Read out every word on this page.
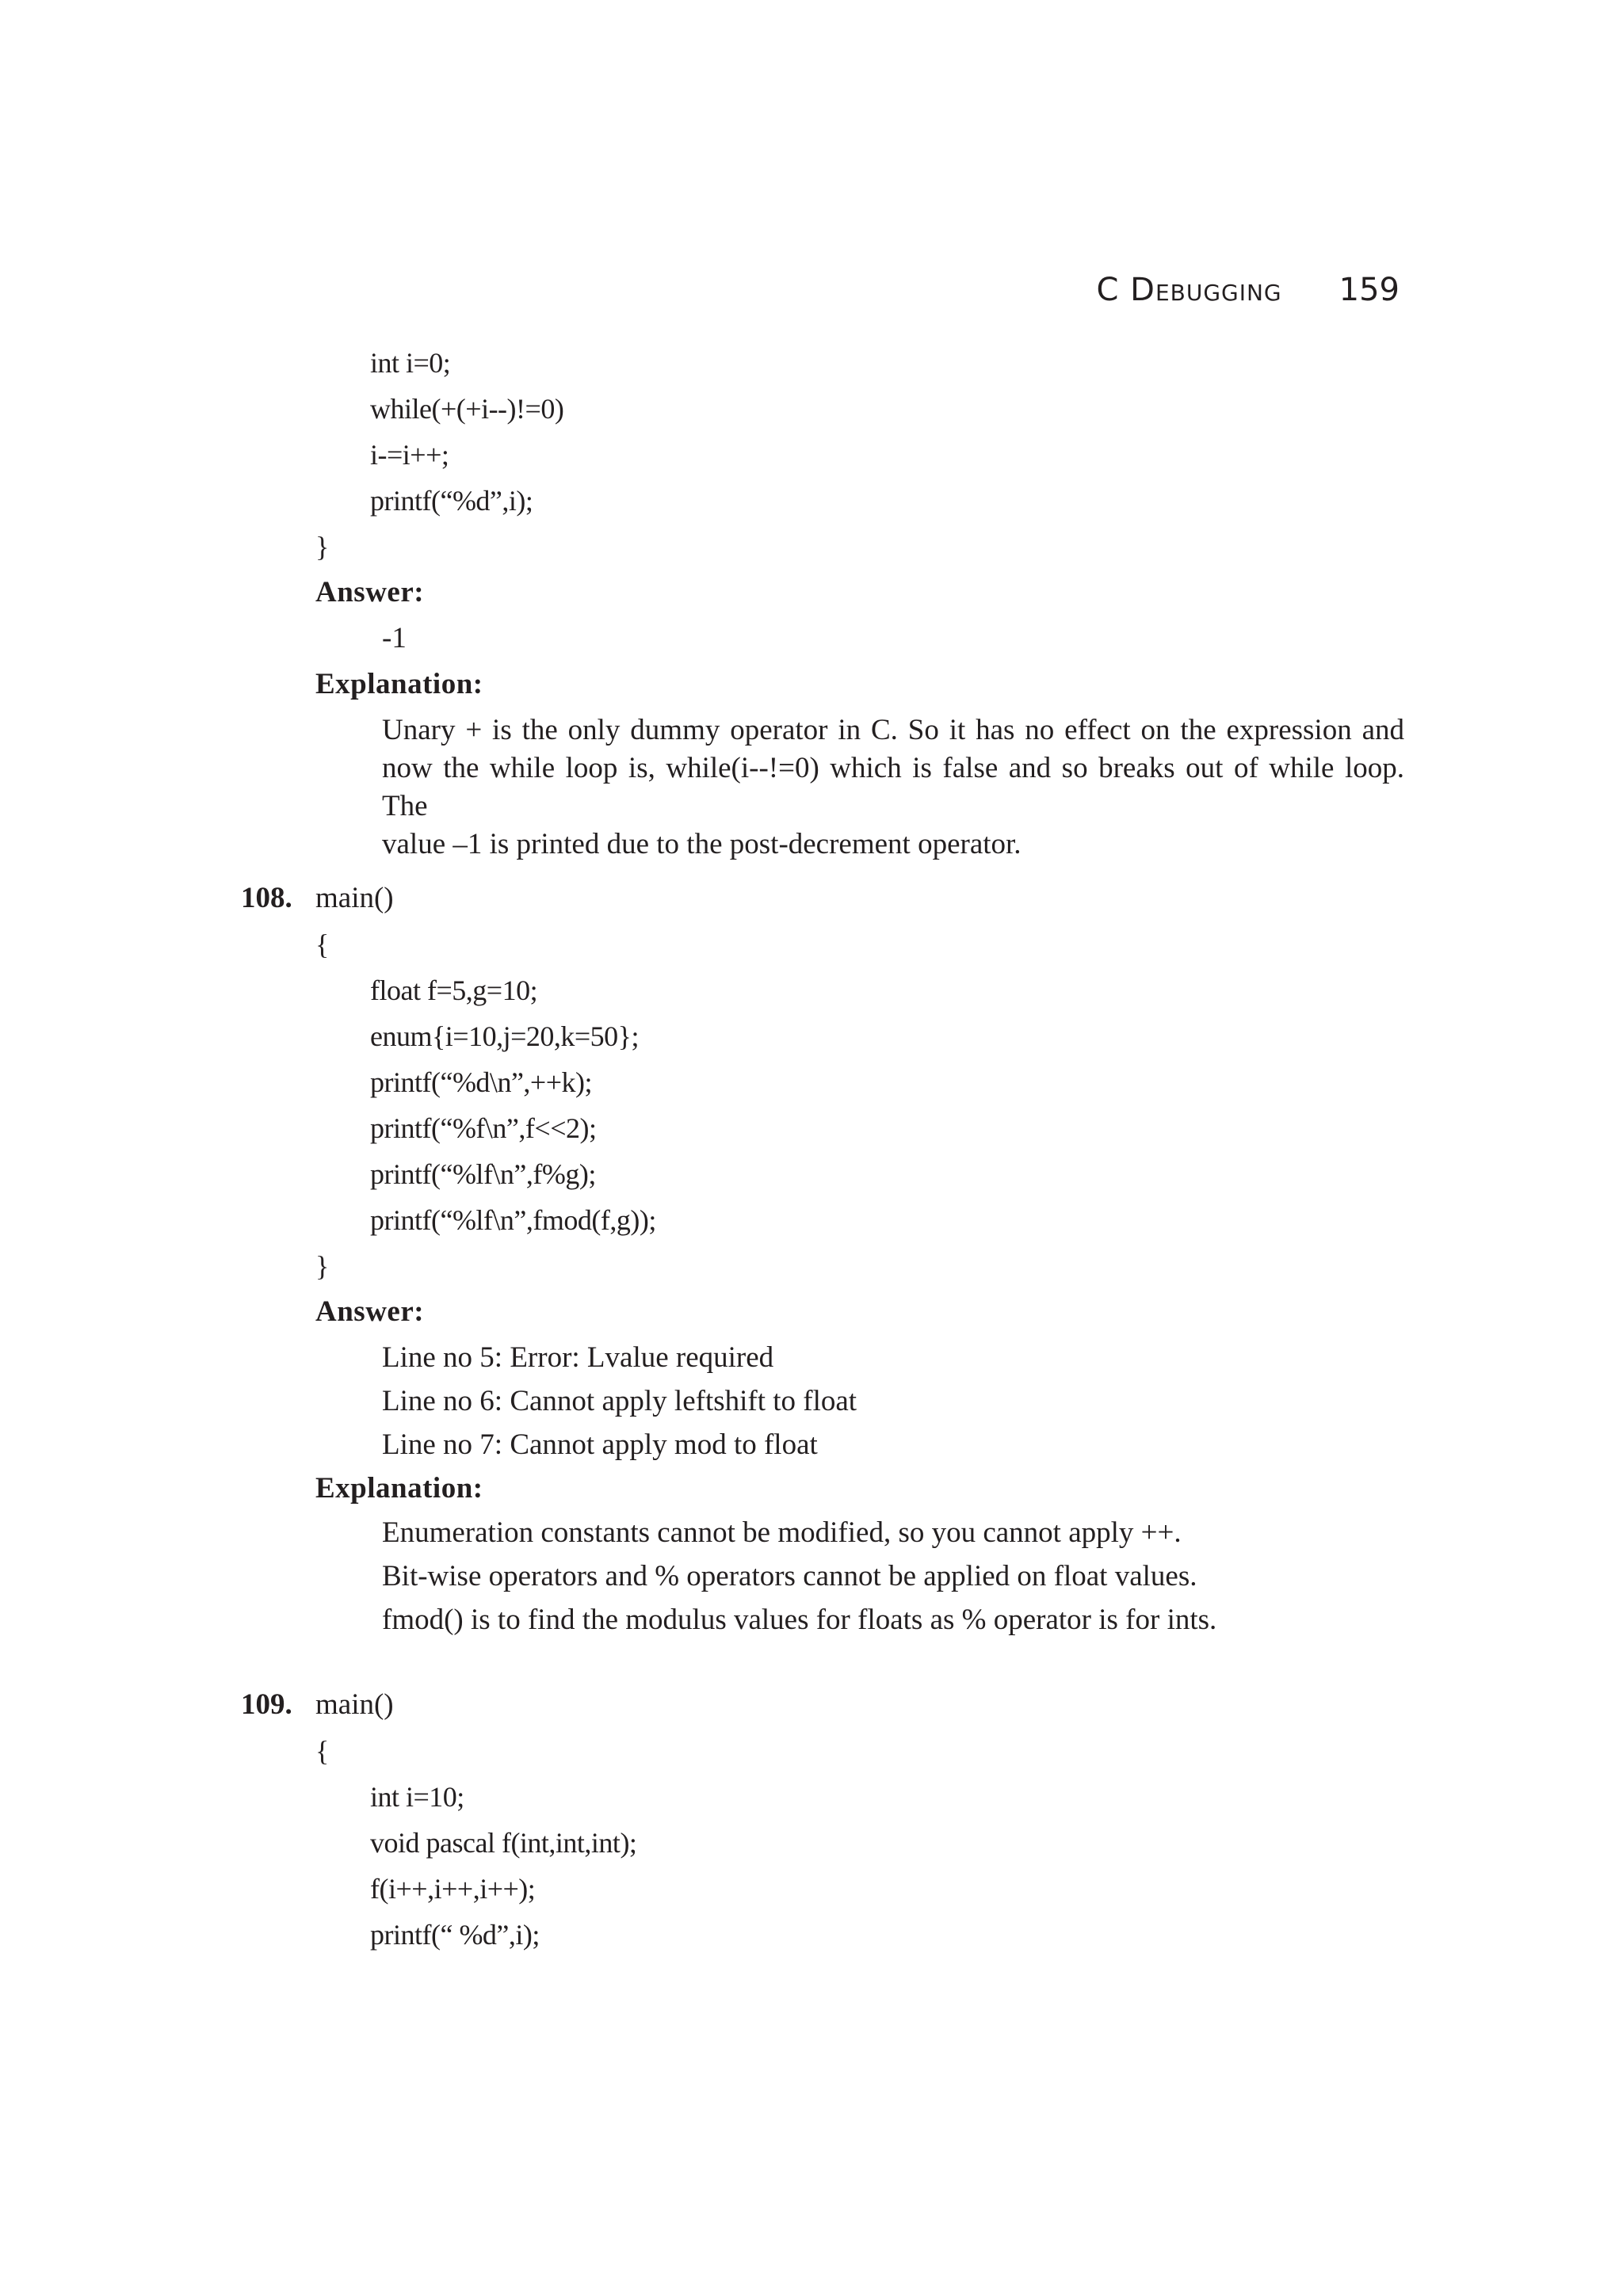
C Debugging 159
int i=0;
while(+(+i--)!=0)
i-=i++;
printf(“%d”,i);
}
Answer:
-1
Explanation:
Unary + is the only dummy operator in C. So it has no effect on the expression and
now the while loop is, while(i--!=0) which is false and so breaks out of while loop. The
value –1 is printed due to the post-decrement operator.
108. main()
{
float f=5,g=10;
enum{i=10,j=20,k=50};
printf(“%d\n”,++k);
printf(“%f\n”,f<<2);
printf(“%lf\n”,f%g);
printf(“%lf\n”,fmod(f,g));
}
Answer:
Line no 5: Error: Lvalue required
Line no 6: Cannot apply leftshift to float
Line no 7: Cannot apply mod to float
Explanation:
Enumeration constants cannot be modified, so you cannot apply ++.
Bit-wise operators and % operators cannot be applied on float values.
fmod() is to find the modulus values for floats as % operator is for ints.
109. main()
{
int i=10;
void pascal f(int,int,int);
f(i++,i++,i++);
printf(“ %d”,i);
